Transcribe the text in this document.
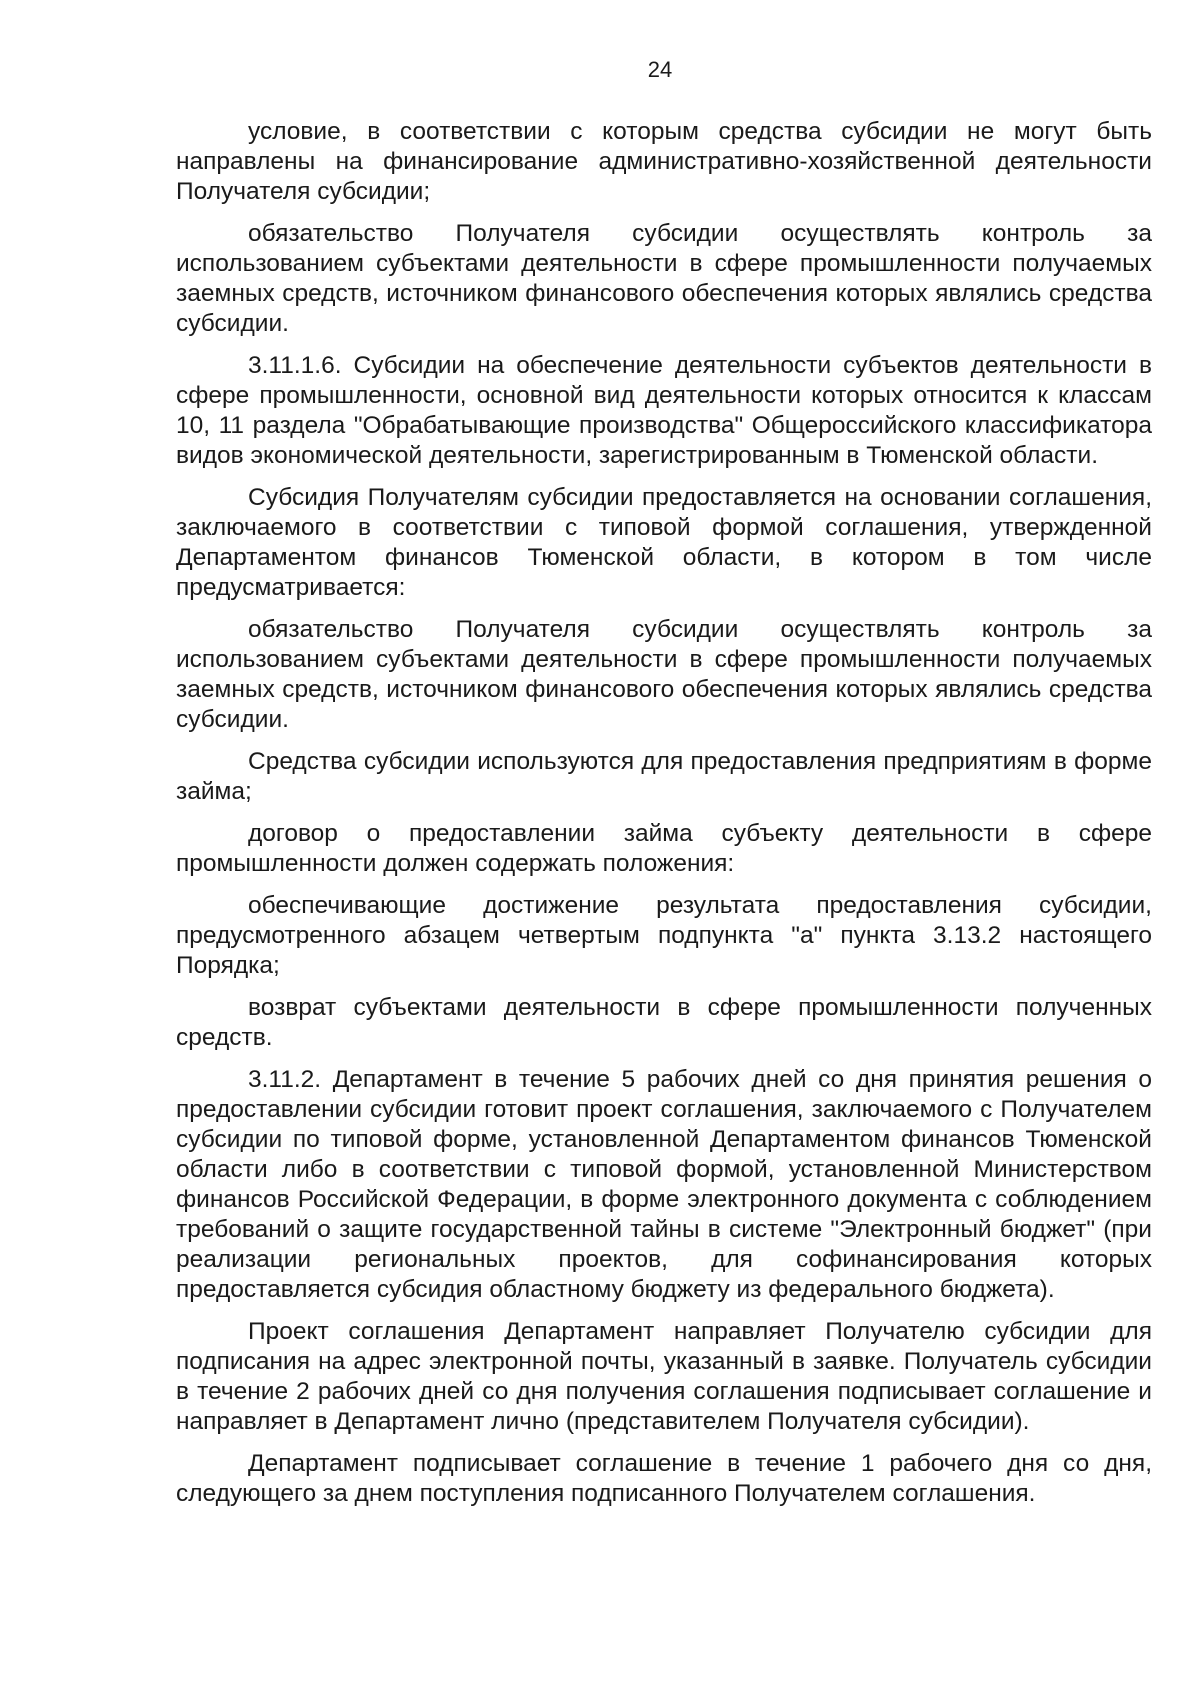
24

условие, в соответствии с которым средства субсидии не могут быть направлены на финансирование административно-хозяйственной деятельности Получателя субсидии;

обязательство Получателя субсидии осуществлять контроль за использованием субъектами деятельности в сфере промышленности получаемых заемных средств, источником финансового обеспечения которых являлись средства субсидии.

3.11.1.6. Субсидии на обеспечение деятельности субъектов деятельности в сфере промышленности, основной вид деятельности которых относится к классам 10, 11 раздела "Обрабатывающие производства" Общероссийского классификатора видов экономической деятельности, зарегистрированным в Тюменской области.

Субсидия Получателям субсидии предоставляется на основании соглашения, заключаемого в соответствии с типовой формой соглашения, утвержденной Департаментом финансов Тюменской области, в котором в том числе предусматривается:

обязательство Получателя субсидии осуществлять контроль за использованием субъектами деятельности в сфере промышленности получаемых заемных средств, источником финансового обеспечения которых являлись средства субсидии.

Средства субсидии используются для предоставления предприятиям в форме займа;

договор о предоставлении займа субъекту деятельности в сфере промышленности должен содержать положения:

обеспечивающие достижение результата предоставления субсидии, предусмотренного абзацем четвертым подпункта "а" пункта 3.13.2 настоящего Порядка;

возврат субъектами деятельности в сфере промышленности полученных средств.

3.11.2. Департамент в течение 5 рабочих дней со дня принятия решения о предоставлении субсидии готовит проект соглашения, заключаемого с Получателем субсидии по типовой форме, установленной Департаментом финансов Тюменской области либо в соответствии с типовой формой, установленной Министерством финансов Российской Федерации, в форме электронного документа с соблюдением требований о защите государственной тайны в системе "Электронный бюджет" (при реализации региональных проектов, для софинансирования которых предоставляется субсидия областному бюджету из федерального бюджета).

Проект соглашения Департамент направляет Получателю субсидии для подписания на адрес электронной почты, указанный в заявке. Получатель субсидии в течение 2 рабочих дней со дня получения соглашения подписывает соглашение и направляет в Департамент лично (представителем Получателя субсидии).

Департамент подписывает соглашение в течение 1 рабочего дня со дня, следующего за днем поступления подписанного Получателем соглашения.
